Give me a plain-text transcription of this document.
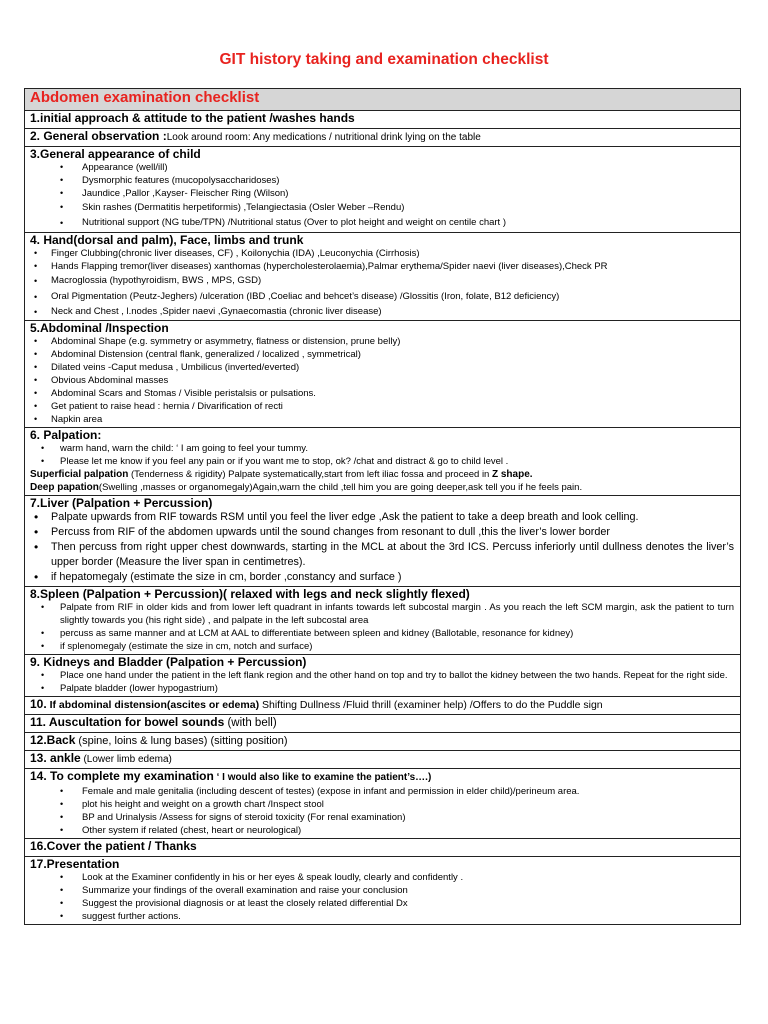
GIT history taking and examination checklist
Abdomen examination checklist
1.initial approach & attitude to the patient /washes hands
2. General observation :Look around room: Any medications / nutritional drink lying on the table

3.General appearance of child
• Appearance (well/ill)
• Dysmorphic features (mucopolysaccharidoses)
• Jaundice ,Pallor ,Kayser- Fleischer Ring (Wilson)
• Skin rashes (Dermatitis herpetiformis) ,Telangiectasia (Osler Weber –Rendu)
• Nutritional support (NG tube/TPN) /Nutritional status (Over to plot height and weight on centile chart )

4. Hand(dorsal and palm), Face, limbs and trunk
• Finger Clubbing(chronic liver diseases, CF) , Koilonychia (IDA) ,Leuconychia (Cirrhosis)
• Hands Flapping tremor(liver diseases) xanthomas (hypercholesterolaemia),Palmar erythema/Spider naevi (liver diseases),Check PR
• Macroglossia (hypothyroidism, BWS , MPS, GSD)
• Oral Pigmentation (Peutz-Jeghers) /ulceration (IBD ,Coeliac and behcet’s disease) /Glossitis (Iron, folate, B12 deficiency)
• Neck and Chest , l.nodes ,Spider naevi ,Gynaecomastia (chronic liver disease)

5.Abdominal /Inspection
• Abdominal Shape (e.g. symmetry or asymmetry, flatness or distension, prune belly)
• Abdominal Distension (central flank, generalized / localized , symmetrical)
• Dilated veins -Caput medusa , Umbilicus (inverted/everted)
• Obvious Abdominal masses
• Abdominal Scars and Stomas / Visible peristalsis or pulsations.
• Get patient to raise head : hernia / Divarification of recti
• Napkin area

6. Palpation:
• warm hand, warn the child: ‘ I am going to feel your tummy.
• Please let me know if you feel any pain or if you want me to stop, ok? /chat and distract & go to child level .
Superficial palpation (Tenderness & rigidity) Palpate systematically,start from left iliac fossa and proceed in Z shape.
Deep papation(Swelling ,masses or organomegaly)Again,warn the child ,tell him you are going deeper,ask tell you if he feels pain.

7.Liver (Palpation + Percussion)
• Palpate upwards from RIF towards RSM until you feel the liver edge ,Ask the patient to take a deep breath and look celling.
• Percuss from RIF of the abdomen upwards until the sound changes from resonant to dull ,this the liver’s lower border
• Then percuss from right upper chest downwards, starting in the MCL at about the 3rd ICS. Percuss inferiorly until dullness denotes the liver’s upper border (Measure the liver span in centimetres).
• if hepatomegaly (estimate the size in cm, border ,constancy and surface )

8.Spleen (Palpation + Percussion)( relaxed with legs and neck slightly flexed)
• Palpate from RIF in older kids and from lower left quadrant in infants towards left subcostal margin . As you reach the left SCM margin, ask the patient to turn slightly towards you (his right side) , and palpate in the left subcostal area
• percuss as same manner and at LCM at AAL to differentiate between spleen and kidney (Ballotable, resonance for kidney)
• if splenomegaly (estimate the size in cm, notch and surface)

9. Kidneys and Bladder (Palpation + Percussion)
• Place one hand under the patient in the left flank region and the other hand on top and try to ballot the kidney between the two hands. Repeat for the right side.
• Palpate bladder (lower hypogastrium)

10. If abdominal distension(ascites or edema) Shifting Dullness /Fluid thrill (examiner help) /Offers to do the Puddle sign
11. Auscultation for bowel sounds (with bell)
12.Back (spine, loins & lung bases) (sitting position)
13. ankle (Lower limb edema)

14. To complete my examination ‘ I would also like to examine the patient’s….)
• Female and male genitalia (including descent of testes) (expose in infant and permission in elder child)/perineum area.
• plot his height and weight on a growth chart /Inspect stool
• BP and Urinalysis /Assess for signs of steroid toxicity (For renal examination)
• Other system if related (chest, heart or neurological)

16.Cover the patient / Thanks

17.Presentation
• Look at the Examiner confidently in his or her eyes & speak loudly, clearly and confidently .
• Summarize your findings of the overall examination and raise your conclusion
• Suggest the provisional diagnosis or at least the closely related differential Dx
• suggest further actions.
